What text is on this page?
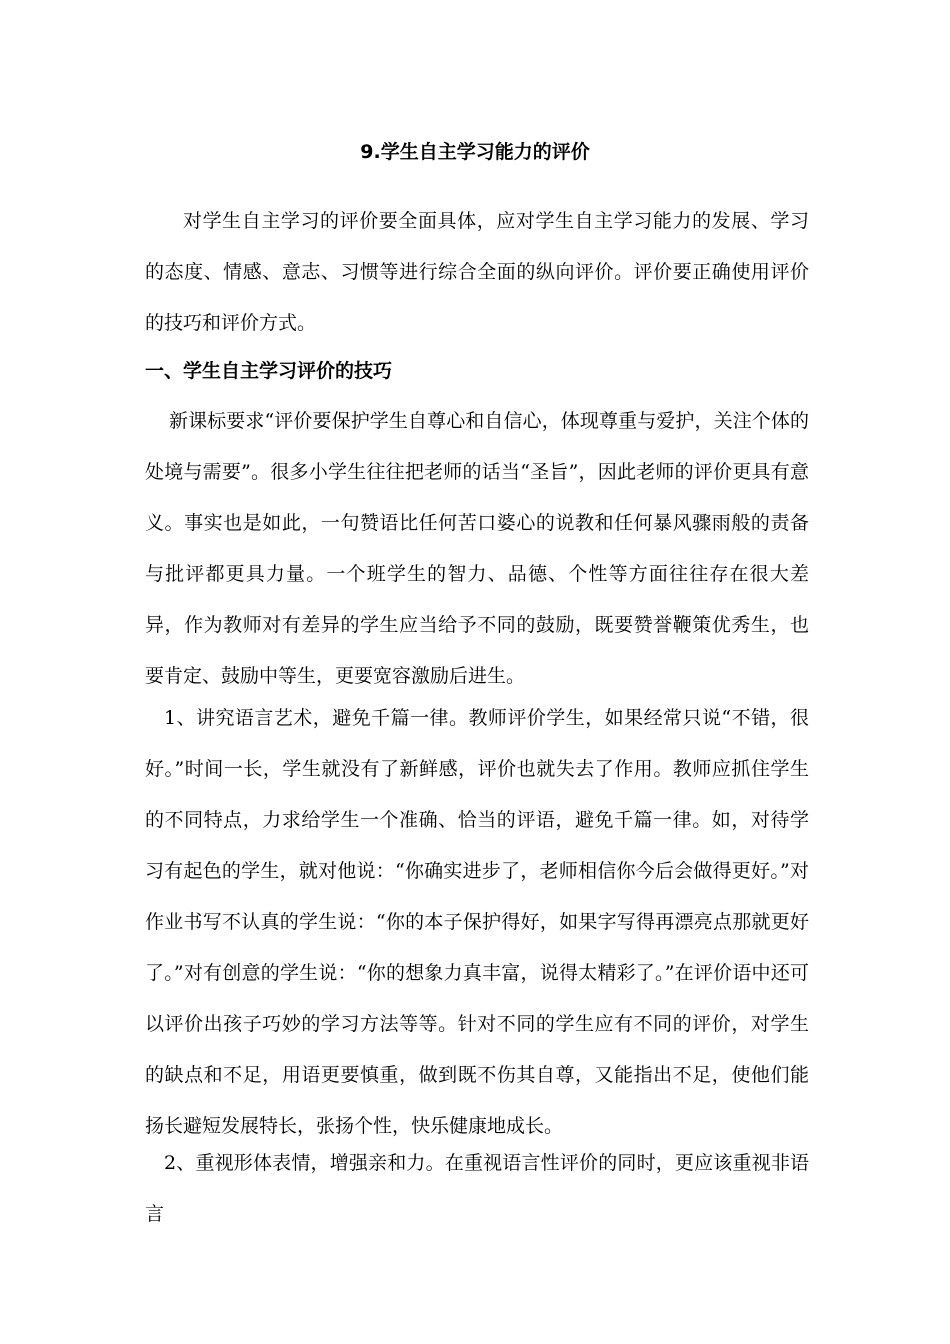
9.学生自主学习能力的评价

对学生自主学习的评价要全面具体，应对学生自主学习能力的发展、学习的态度、情感、意志、习惯等进行综合全面的纵向评价。评价要正确使用评价的技巧和评价方式。

一、学生自主学习评价的技巧

新课标要求“评价要保护学生自尊心和自信心，体现尊重与爱护，关注个体的处境与需要”。很多小学生往往把老师的话当“圣旨”，因此老师的评价更具有意义。事实也是如此，一句赞语比任何苦口婆心的说教和任何暴风骤雨般的责备与批评都更具力量。一个班学生的智力、品德、个性等方面往往存在很大差异，作为教师对有差异的学生应当给予不同的鼓励，既要赞誉鞭策优秀生，也要肯定、鼓励中等生，更要宽容激励后进生。

1、讲究语言艺术，避免千篇一律。教师评价学生，如果经常只说“不错，很好。”时间一长，学生就没有了新鲜感，评价也就失去了作用。教师应抓住学生的不同特点，力求给学生一个准确、恰当的评语，避免千篇一律。如，对待学习有起色的学生，就对他说：“你确实进步了，老师相信你今后会做得更好。”对作业书写不认真的学生说：“你的本子保护得好，如果字写得再漂亮点那就更好了。”对有创意的学生说：“你的想象力真丰富，说得太精彩了。”在评价语中还可以评价出孩子巧妙的学习方法等等。针对不同的学生应有不同的评价，对学生的缺点和不足，用语更要慎重，做到既不伤其自尊，又能指出不足，使他们能扬长避短发展特长，张扬个性，快乐健康地成长。

2、重视形体表情，增强亲和力。在重视语言性评价的同时，更应该重视非语言
